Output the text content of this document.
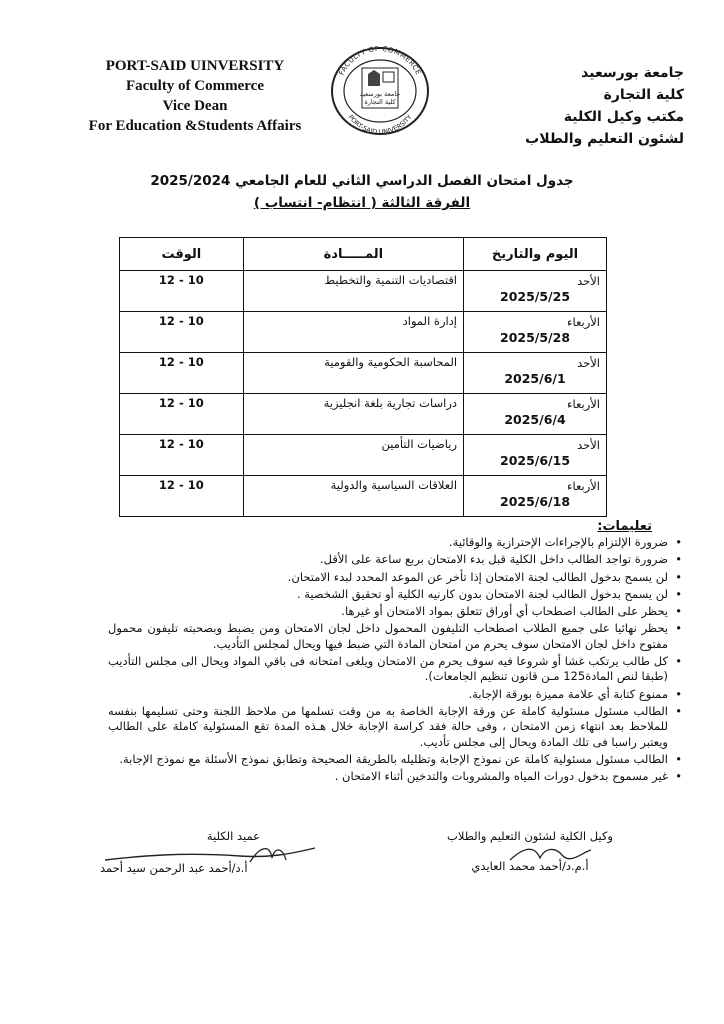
PORT-SAID UINVERSITY
Faculty of Commerce
Vice Dean
For Education &Students Affairs
FACULTY OF COMMERCE
PORT-SAID UNIVERSITY
جامعة بورسعيد
كلية التجارة
جامعة بورسعيد
كلية التجارة
مكتب وكيل الكلية
لشئون التعليم والطلاب
جدول امتحان الفصل الدراسي الثاني للعام الجامعي 2025/2024
الفرقة الثالثة ( انتظام- انتساب )
اليوم والتاريخ	المـــــادة	الوقت
الأحد
2025/5/25	اقتصاديات التنمية والتخطيط	10 - 12
الأربعاء
2025/5/28	إدارة المواد	10 - 12
الأحد
2025/6/1	المحاسبة الحكومية والقومية	10 - 12
الأربعاء
2025/6/4	دراسات تجارية بلغة انجليزية	10 - 12
الأحد
2025/6/15	رياضيات التأمين	10 - 12
الأربعاء
2025/6/18	العلاقات السياسية والدولية	10 - 12
تعليمات:
• ضرورة الإلتزام بالإجراءات الإحترازية والوقائية.
• ضرورة تواجد الطالب داخل الكلية قبل بدء الامتحان بربع ساعة على الأقل.
• لن يسمح بدخول الطالب لجنة الامتحان إذا تأخر عن الموعد المحدد لبدء الامتحان.
• لن يسمح بدخول الطالب لجنة الامتحان بدون كارنيه الكلية أو تحقيق الشخصية .
• يحظر على الطالب اصطحاب أي أوراق تتعلق بمواد الامتحان أو غيرها.
• يحظر نهائيا على جميع الطلاب اصطحاب التليفون المحمول داخل لجان الامتحان ومن يضبط وبصحبته تليفون محمول مفتوح داخل لجان الامتحان سوف يحرم من امتحان المادة التي ضبط فيها ويحال لمجلس التأديب.
• كل طالب يرتكب غشا أو شروعا فيه سوف يحرم من الامتحان ويلغى امتحانه فى باقي المواد ويحال الى مجلس التأديب (طبقا لنص المادة125 مـن قانون تنظيم الجامعات).
• ممنوع كتابة أي علامة مميزة بورقة الإجابة.
• الطالب مسئول مسئولية كاملة عن ورقة الإجابة الخاصة به من وقت تسلمها من ملاحظ اللجنة وحتى تسليمها بنفسه للملاحظ بعد انتهاء زمن الامتحان ، وفى حالة فقد كراسة الإجابة خلال هـذه المدة تقع المسئولية كاملة على الطالب ويعتبر راسبا فى تلك المادة ويحال إلى مجلس تأديب.
• الطالب مسئول مسئولية كاملة عن نموذج الإجابة وتظليله بالطريقة الصحيحة وتطابق نموذج الأسئلة مع نموذج الإجابة.
• غير مسموح بدخول دورات المياه والمشروبات والتدخين أثناء الامتحان .
عميد الكلية
أ.د/أحمد عبد الرحمن سيد أحمد
وكيل الكلية لشئون التعليم والطلاب
أ.م.د/أحمد محمد العايدي
